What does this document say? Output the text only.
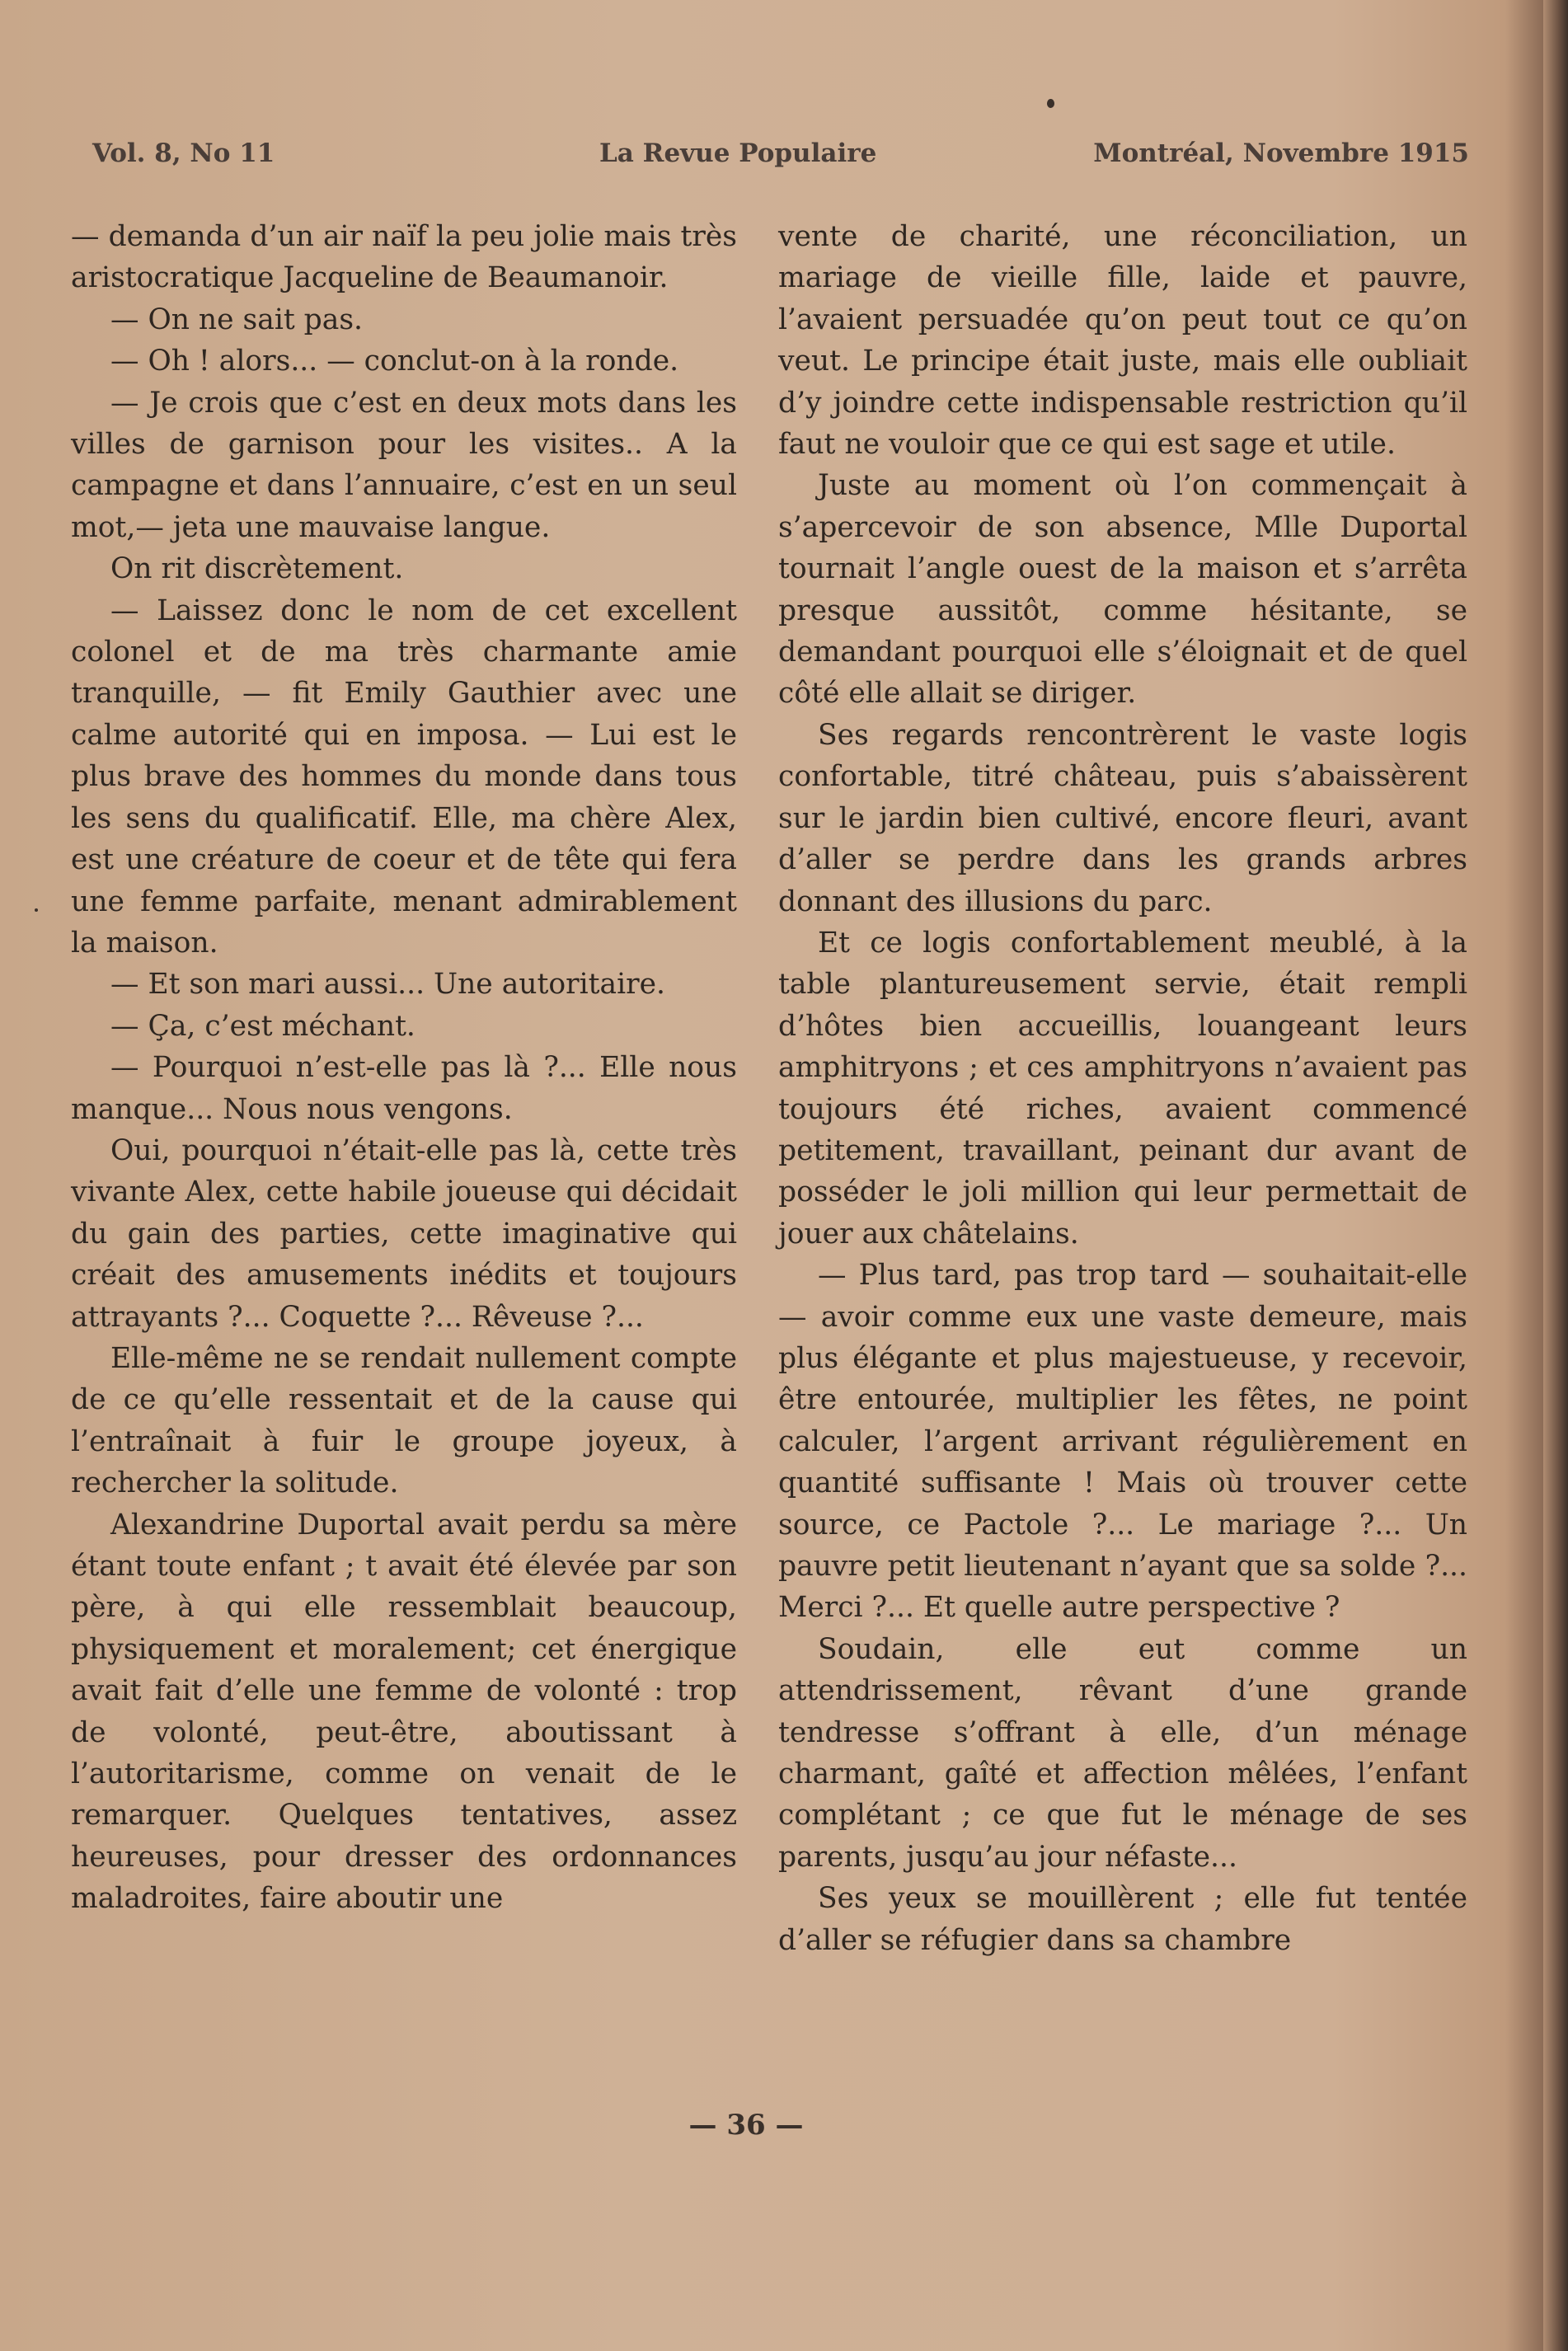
Vol. 8, No 11	La Revue Populaire	Montréal, Novembre 1915

— demanda d’un air naïf la peu jolie mais très aristocratique Jacqueline de Beaumanoir.

— On ne sait pas.

— Oh ! alors... — conclut-on à la ronde.

— Je crois que c’est en deux mots dans les villes de garnison pour les visites.. A la campagne et dans l’annuaire, c’est en un seul mot,— jeta une mauvaise langue.

On rit discrètement.

— Laissez donc le nom de cet excellent colonel et de ma très charmante amie tranquille, — fit Emily Gauthier avec une calme autorité qui en imposa. — Lui est le plus brave des hommes du monde dans tous les sens du qualificatif. Elle, ma chère Alex, est une créature de coeur et de tête qui fera une femme parfaite, menant admirablement la maison.

— Et son mari aussi... Une autoritaire.

— Ça, c’est méchant.

— Pourquoi n’est-elle pas là ?... Elle nous manque... Nous nous vengons.

Oui, pourquoi n’était-elle pas là, cette très vivante Alex, cette habile joueuse qui décidait du gain des parties, cette imaginative qui créait des amusements inédits et toujours attrayants ?... Coquette ?... Rêveuse ?...

Elle-même ne se rendait nullement compte de ce qu’elle ressentait et de la cause qui l’entraînait à fuir le groupe joyeux, à rechercher la solitude.

Alexandrine Duportal avait perdu sa mère étant toute enfant ; t avait été élevée par son père, à qui elle ressemblait beaucoup, physiquement et moralement; cet énergique avait fait d’elle une femme de volonté : trop de volonté, peut-être, aboutissant à l’autoritarisme, comme on venait de le remarquer. Quelques tentatives, assez heureuses, pour dresser des ordonnances maladroites, faire aboutir une

vente de charité, une réconciliation, un mariage de vieille fille, laide et pauvre, l’avaient persuadée qu’on peut tout ce qu’on veut. Le principe était juste, mais elle oubliait d’y joindre cette indispensable restriction qu’il faut ne vouloir que ce qui est sage et utile.

Juste au moment où l’on commençait à s’apercevoir de son absence, Mlle Duportal tournait l’angle ouest de la maison et s’arrêta presque aussitôt, comme hésitante, se demandant pourquoi elle s’éloignait et de quel côté elle allait se diriger.

Ses regards rencontrèrent le vaste logis confortable, titré château, puis s’abaissèrent sur le jardin bien cultivé, encore fleuri, avant d’aller se perdre dans les grands arbres donnant des illusions du parc.

Et ce logis confortablement meublé, à la table plantureusement servie, était rempli d’hôtes bien accueillis, louangeant leurs amphitryons ; et ces amphitryons n’avaient pas toujours été riches, avaient commencé petitement, travaillant, peinant dur avant de posséder le joli million qui leur permettait de jouer aux châtelains.

— Plus tard, pas trop tard — souhaitait-elle — avoir comme eux une vaste demeure, mais plus élégante et plus majestueuse, y recevoir, être entourée, multiplier les fêtes, ne point calculer, l’argent arrivant régulièrement en quantité suffisante ! Mais où trouver cette source, ce Pactole ?... Le mariage ?... Un pauvre petit lieutenant n’ayant que sa solde ?... Merci ?... Et quelle autre perspective ?

Soudain, elle eut comme un attendrissement, rêvant d’une grande tendresse s’offrant à elle, d’un ménage charmant, gaîté et affection mêlées, l’enfant complétant ; ce que fut le ménage de ses parents, jusqu’au jour néfaste...

Ses yeux se mouillèrent ; elle fut tentée d’aller se réfugier dans sa chambre

— 36 —
